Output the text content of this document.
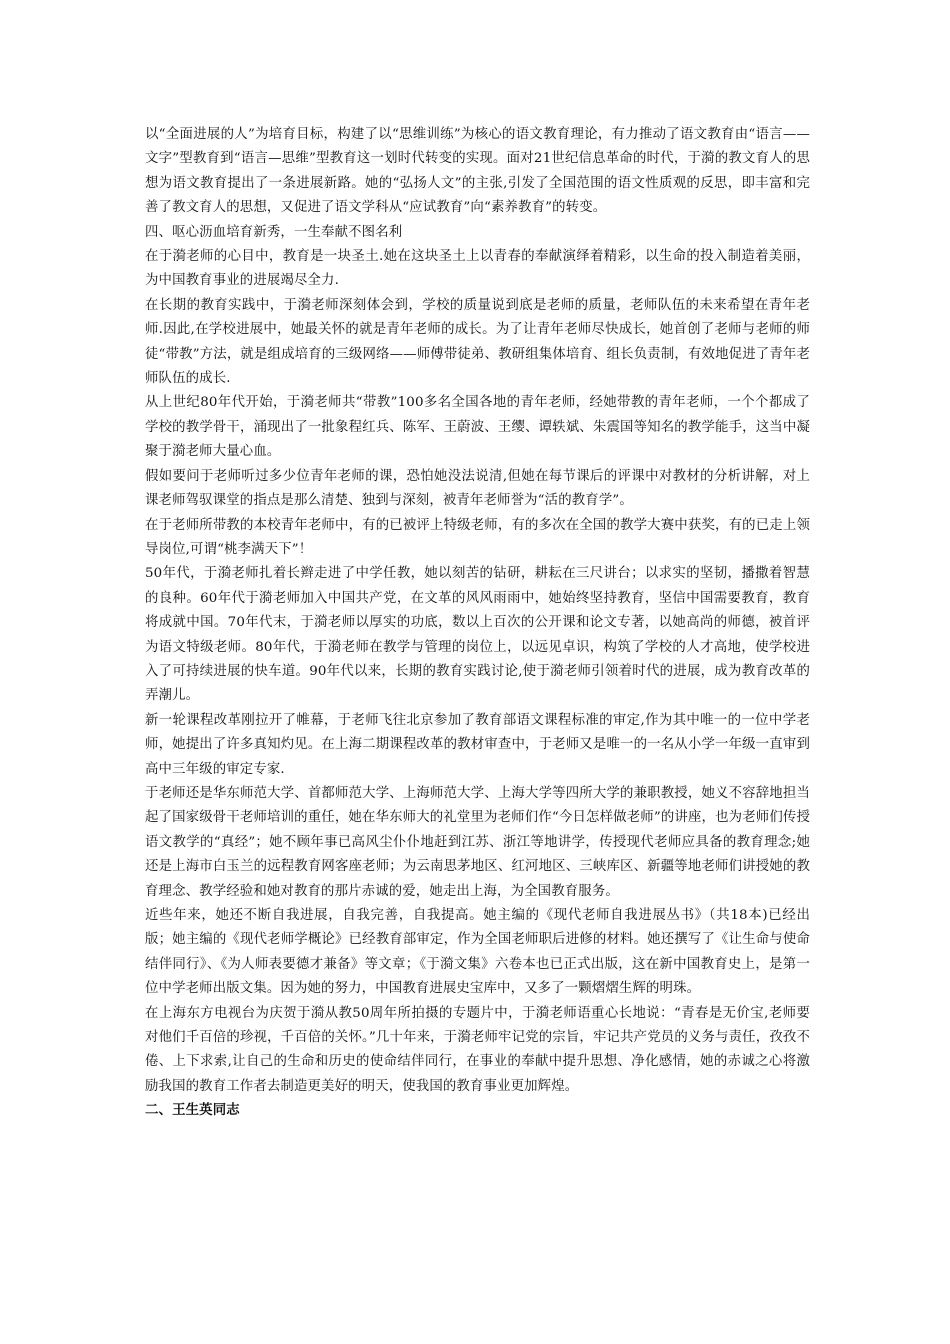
以“全面进展的人”为培育目标，构建了以“思维训练”为核心的语文教育理论，有力推动了语文教育由“语言——文字”型教育到“语言—思维”型教育这一划时代转变的实现。面对21世纪信息革命的时代，于漪的教文育人的思想为语文教育提出了一条进展新路。她的“弘扬人文”的主张,引发了全国范围的语文性质观的反思，即丰富和完善了教文育人的思想，又促进了语文学科从“应试教育”向“素养教育”的转变。

四、呕心沥血培育新秀，一生奉献不图名利

在于漪老师的心目中，教育是一块圣土.她在这块圣土上以青春的奉献演绎着精彩，以生命的投入制造着美丽，为中国教育事业的进展竭尽全力.

在长期的教育实践中，于漪老师深刻体会到，学校的质量说到底是老师的质量，老师队伍的未来希望在青年老师.因此,在学校进展中，她最关怀的就是青年老师的成长。为了让青年老师尽快成长，她首创了老师与老师的师徒“带教”方法，就是组成培育的三级网络——师傅带徒弟、教研组集体培育、组长负责制，有效地促进了青年老师队伍的成长.

从上世纪80年代开始，于漪老师共“带教”100多名全国各地的青年老师，经她带教的青年老师，一个个都成了学校的教学骨干，涌现出了一批象程红兵、陈军、王蔚波、王缨、谭轶斌、朱震国等知名的教学能手，这当中凝聚于漪老师大量心血。

假如要问于老师听过多少位青年老师的课，恐怕她没法说清,但她在每节课后的评课中对教材的分析讲解，对上课老师驾驭课堂的指点是那么清楚、独到与深刻，被青年老师誉为“活的教育学”。

在于老师所带教的本校青年老师中，有的已被评上特级老师，有的多次在全国的教学大赛中获奖，有的已走上领导岗位,可谓“桃李满天下”！

50年代，于漪老师扎着长辫走进了中学任教，她以刻苦的钻研，耕耘在三尺讲台；以求实的坚韧，播撒着智慧的良种。60年代于漪老师加入中国共产党，在文革的风风雨雨中，她始终坚持教育，坚信中国需要教育，教育将成就中国。70年代末，于漪老师以厚实的功底，数以上百次的公开课和论文专著，以她高尚的师德，被首评为语文特级老师。80年代，于漪老师在教学与管理的岗位上，以远见卓识，构筑了学校的人才高地，使学校进入了可持续进展的快车道。90年代以来，长期的教育实践讨论,使于漪老师引领着时代的进展，成为教育改革的弄潮儿。

新一轮课程改革刚拉开了帷幕，于老师飞往北京参加了教育部语文课程标准的审定,作为其中唯一的一位中学老师，她提出了许多真知灼见。在上海二期课程改革的教材审查中，于老师又是唯一的一名从小学一年级一直审到高中三年级的审定专家.

于老师还是华东师范大学、首都师范大学、上海师范大学、上海大学等四所大学的兼职教授，她义不容辞地担当起了国家级骨干老师培训的重任，她在华东师大的礼堂里为老师们作“今日怎样做老师”的讲座，也为老师们传授语文教学的“真经”；她不顾年事已高风尘仆仆地赶到江苏、浙江等地讲学，传授现代老师应具备的教育理念;她还是上海市白玉兰的远程教育网客座老师；为云南思茅地区、红河地区、三峡库区、新疆等地老师们讲授她的教育理念、教学经验和她对教育的那片赤诚的爱，她走出上海，为全国教育服务。

近些年来，她还不断自我进展，自我完善，自我提高。她主编的《现代老师自我进展丛书》（共18本)已经出版；她主编的《现代老师学概论》已经教育部审定，作为全国老师职后进修的材料。她还撰写了《让生命与使命结伴同行》、《为人师表要德才兼备》等文章；《于漪文集》六卷本也已正式出版，这在新中国教育史上，是第一位中学老师出版文集。因为她的努力，中国教育进展史宝库中，又多了一颗熠熠生辉的明珠。

在上海东方电视台为庆贺于漪从教50周年所拍摄的专题片中，于漪老师语重心长地说：“青春是无价宝,老师要对他们千百倍的珍视，千百倍的关怀。”几十年来，于漪老师牢记党的宗旨，牢记共产党员的义务与责任，孜孜不倦、上下求索,让自己的生命和历史的使命结伴同行，在事业的奉献中提升思想、净化感情，她的赤诚之心将激励我国的教育工作者去制造更美好的明天，使我国的教育事业更加辉煌。

二、王生英同志
